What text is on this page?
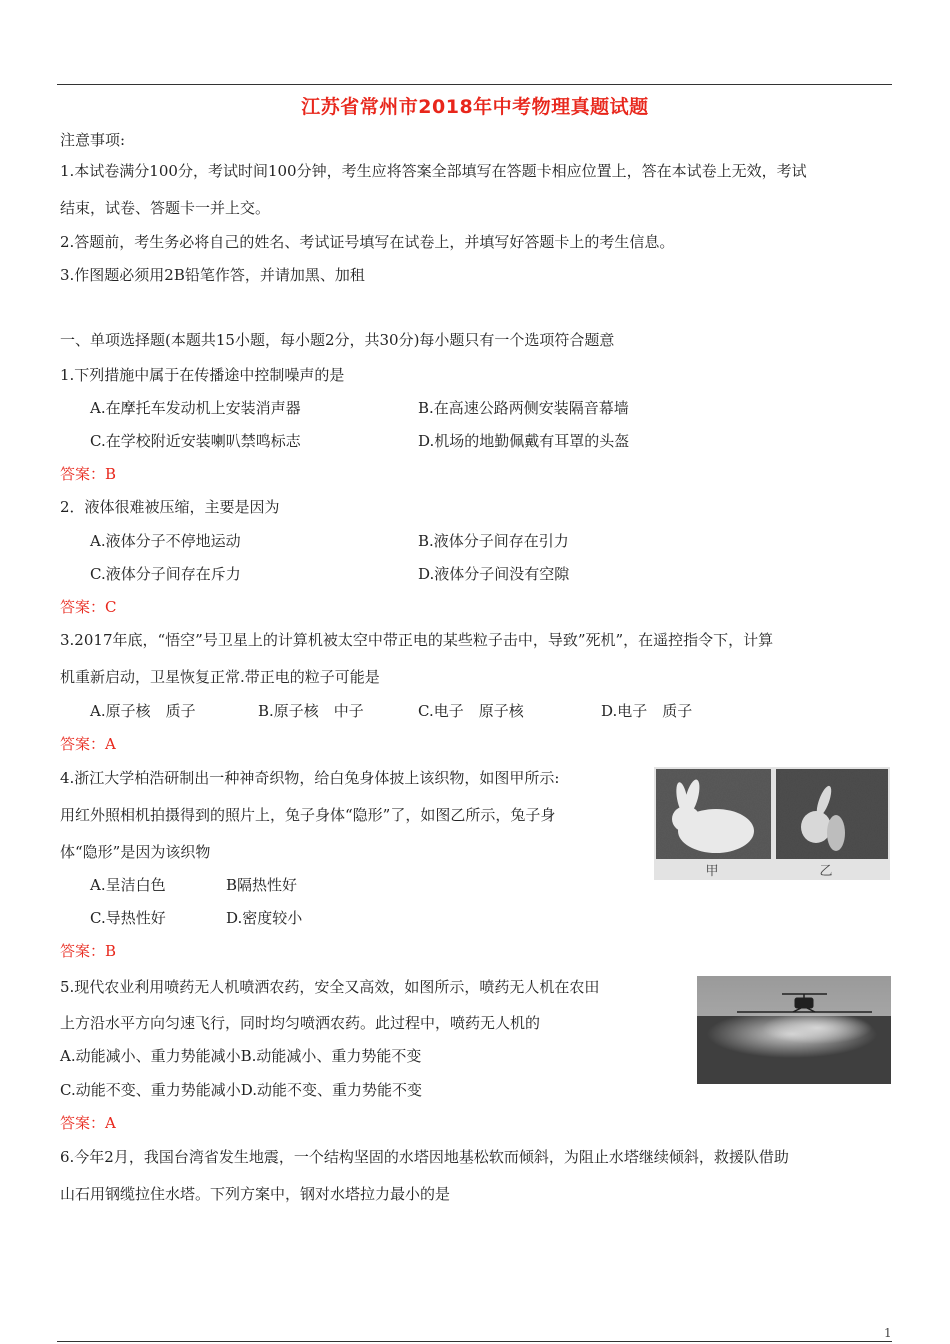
江苏省常州市2018年中考物理真题试题
注意事项:
1.本试卷满分100分，考试时间100分钟，考生应将答案全部填写在答题卡相应位置上，答在本试卷上无效，考试
结束，试卷、答题卡一并上交。
2.答题前，考生务必将自己的姓名、考试证号填写在试卷上，并填写好答题卡上的考生信息。
3.作图题必须用2B铅笔作答，并请加黑、加租
一、单项选择题(本题共15小题，每小题2分，共30分)每小题只有一个选项符合题意
1.下列措施中属于在传播途中控制噪声的是
A.在摩托车发动机上安装消声器	B.在高速公路两侧安装隔音幕墙
C.在学校附近安装喇叭禁鸣标志	D.机场的地勤佩戴有耳罩的头盔
答案：B
2．液体很难被压缩，主要是因为
A.液体分子不停地运动	B.液体分子间存在引力
C.液体分子间存在斥力	D.液体分子间没有空隙
答案：C
3.2017年底，“悟空”号卫星上的计算机被太空中带正电的某些粒子击中，导致”死机”，在遥控指令下，计算
机重新启动，卫星恢复正常.带正电的粒子可能是
A.原子核　质子	B.原子核　中子	C.电子　原子核	D.电子　质子
答案：A
4.浙江大学柏浩研制出一种神奇织物，给白兔身体披上该织物，如图甲所示:
用红外照相机拍摄得到的照片上，兔子身体“隐形”了，如图乙所示，兔子身
体“隐形”是因为该织物
A.呈洁白色	B隔热性好
C.导热性好	D.密度较小
答案：B
甲	乙
5.现代农业利用喷药无人机喷洒农药，安全又高效，如图所示，喷药无人机在农田
上方沿水平方向匀速飞行，同时均匀喷洒农药。此过程中，喷药无人机的
A.动能减小、重力势能减小B.动能减小、重力势能不变
C.动能不变、重力势能减小D.动能不变、重力势能不变
答案：A
6.今年2月，我国台湾省发生地震，一个结构坚固的水塔因地基松软而倾斜，为阻止水塔继续倾斜，救援队借助
山石用钢缆拉住水塔。下列方案中，钢对水塔拉力最小的是
1
